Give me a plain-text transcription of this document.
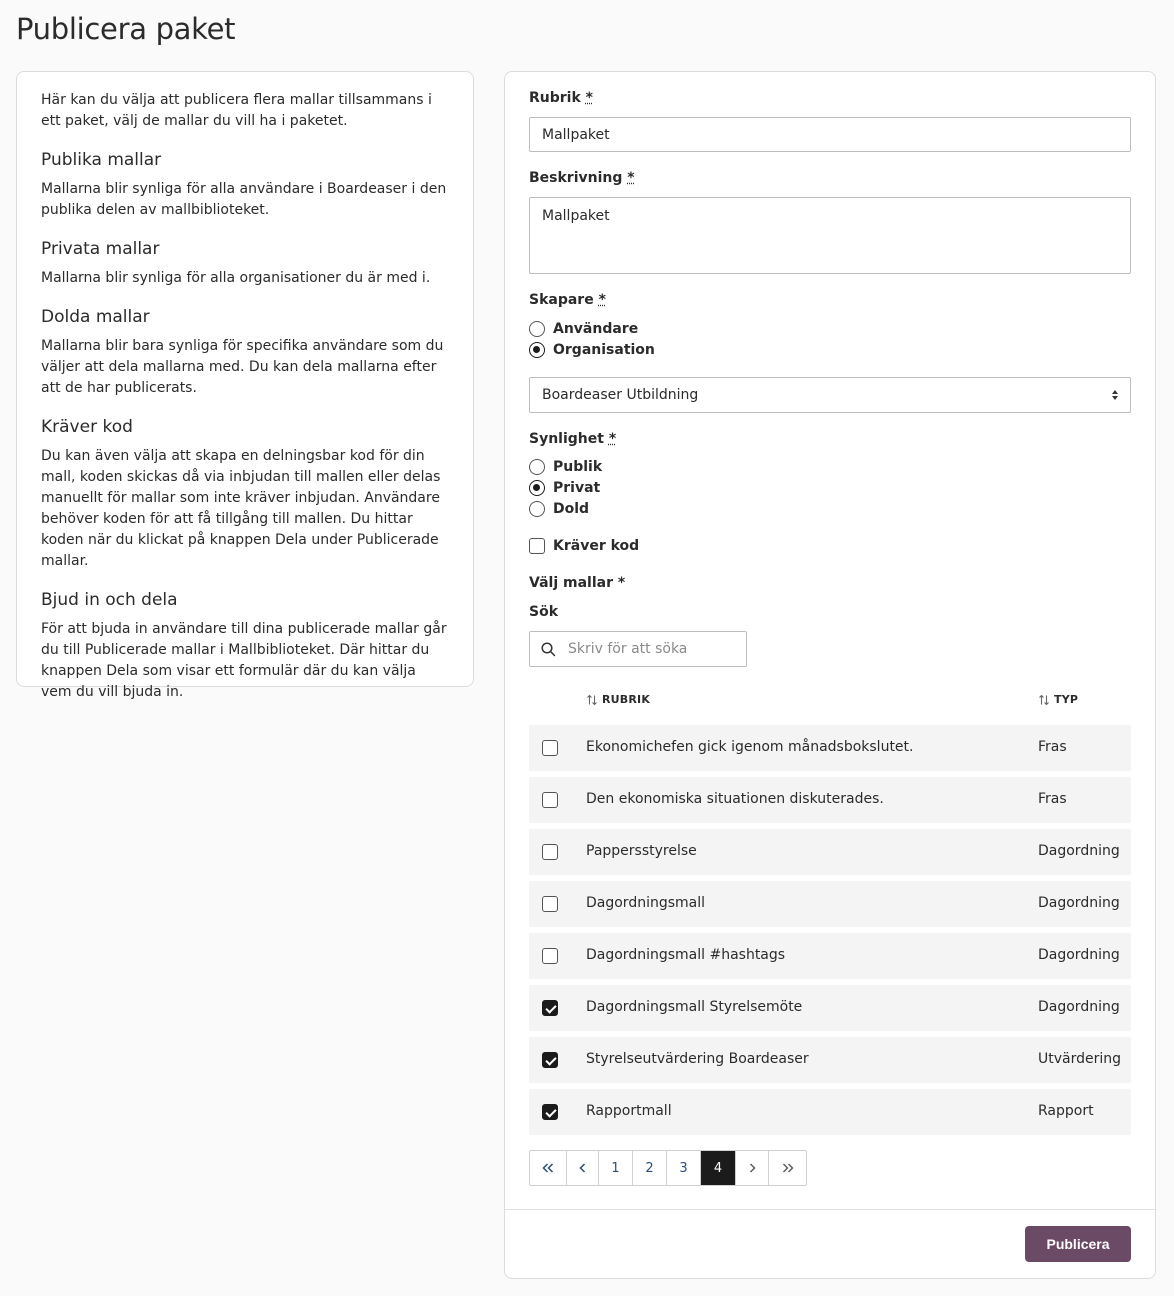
Publicera paket

Här kan du välja att publicera flera mallar tillsammans i ett paket, välj de mallar du vill ha i paketet.

Publika mallar

Mallarna blir synliga för alla användare i Boardeaser i den publika delen av mallbiblioteket.

Privata mallar

Mallarna blir synliga för alla organisationer du är med i.

Dolda mallar

Mallarna blir bara synliga för specifika användare som du väljer att dela mallarna med. Du kan dela mallarna efter att de har publicerats.

Kräver kod

Du kan även välja att skapa en delningsbar kod för din mall, koden skickas då via inbjudan till mallen eller delas manuellt för mallar som inte kräver inbjudan. Användare behöver koden för att få tillgång till mallen. Du hittar koden när du klickat på knappen Dela under Publicerade mallar.

Bjud in och dela

För att bjuda in användare till dina publicerade mallar går du till Publicerade mallar i Mallbiblioteket. Där hittar du knappen Dela som visar ett formulär där du kan välja vem du vill bjuda in.

Rubrik *
Mallpaket
Beskrivning *
Mallpaket
Skapare *
Användare
Organisation
Boardeaser Utbildning
Synlighet *
Publik
Privat
Dold
Kräver kod
Välj mallar *
Sök
Skriv för att söka
RUBRIK	TYP
Ekonomichefen gick igenom månadsbokslutet.	Fras
Den ekonomiska situationen diskuterades.	Fras
Pappersstyrelse	Dagordning
Dagordningsmall	Dagordning
Dagordningsmall #hashtags	Dagordning
Dagordningsmall Styrelsemöte	Dagordning
Styrelseutvärdering Boardeaser	Utvärdering
Rapportmall	Rapport
1	2	3	4
Publicera
